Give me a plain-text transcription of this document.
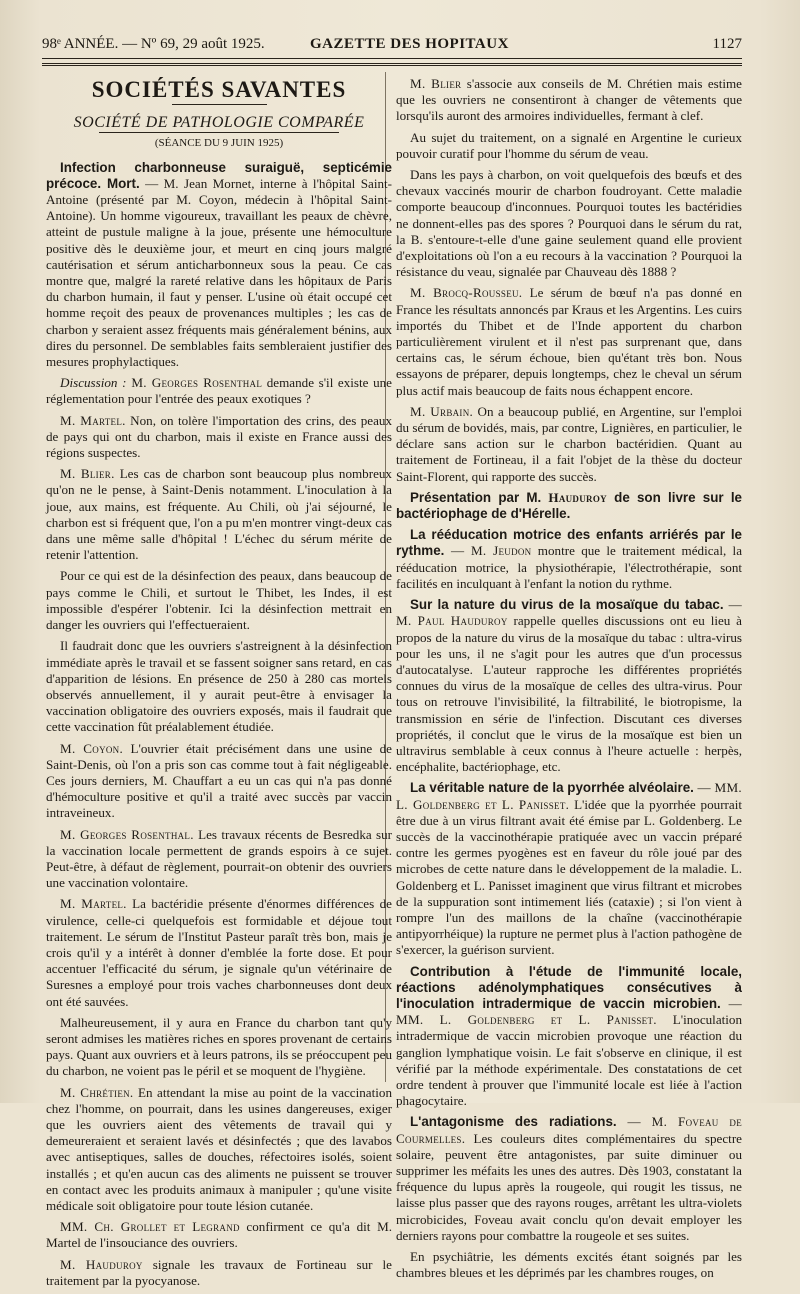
98ᵉ ANNÉE. — Nº 69, 29 août 1925.	GAZETTE DES HOPITAUX	1127
SOCIÉTÉS SAVANTES
SOCIÉTÉ DE PATHOLOGIE COMPARÉE
(SÉANCE DU 9 JUIN 1925)

Infection charbonneuse suraiguë, septicémie précoce. Mort. — M. Jean Mornet, interne à l'hôpital Saint-Antoine (présenté par M. Coyon, médecin à l'hôpital Saint-Antoine). Un homme vigoureux, travaillant les peaux de chèvre, atteint de pustule maligne à la joue, présente une hémoculture positive dès le deuxième jour, et meurt en cinq jours malgré cautérisation et sérum anticharbonneux sous la peau. Ce cas montre que, malgré la rareté relative dans les hôpitaux de Paris du charbon humain, il faut y penser. L'usine où était occupé cet homme reçoit des peaux de provenances multiples ; les cas de charbon y seraient assez fréquents mais généralement bénins, aux dires du personnel. De semblables faits sembleraient justifier des mesures prophylactiques.

Discussion : M. Georges Rosenthal demande s'il existe une réglementation pour l'entrée des peaux exotiques ?

M. Martel. Non, on tolère l'importation des crins, des peaux de pays qui ont du charbon, mais il existe en France aussi des régions suspectes.

M. Blier. Les cas de charbon sont beaucoup plus nombreux qu'on ne le pense, à Saint-Denis notamment. L'inoculation à la joue, aux mains, est fréquente. Au Chili, où j'ai séjourné, le charbon est si fréquent que, l'on a pu m'en montrer vingt-deux cas dans une même salle d'hôpital ! L'échec du sérum mérite de retenir l'attention.

Pour ce qui est de la désinfection des peaux, dans beaucoup de pays comme le Chili, et surtout le Thibet, les Indes, il est impossible d'espérer l'obtenir. Ici la désinfection mettrait en danger les ouvriers qui l'effectueraient.

Il faudrait donc que les ouvriers s'astreignent à la désinfection immédiate après le travail et se fassent soigner sans retard, en cas d'apparition de lésions. En présence de 250 à 280 cas mortels observés annuellement, il y aurait peut-être à envisager la vaccination obligatoire des ouvriers exposés, mais il faudrait que cette vaccination fût préalablement étudiée.

M. Coyon. L'ouvrier était précisément dans une usine de Saint-Denis, où l'on a pris son cas comme tout à fait négligeable. Ces jours derniers, M. Chauffart a eu un cas qui n'a pas donné d'hémoculture positive et qu'il a traité avec succès par vaccin intraveineux.

M. Georges Rosenthal. Les travaux récents de Besredka sur la vaccination locale permettent de grands espoirs à ce sujet. Peut-être, à défaut de règlement, pourrait-on obtenir des ouvriers une vaccination volontaire.

M. Martel. La bactéridie présente d'énormes différences de virulence, celle-ci quelquefois est formidable et déjoue tout traitement. Le sérum de l'Institut Pasteur paraît très bon, mais je crois qu'il y a intérêt à donner d'emblée la forte dose. Et pour accentuer l'efficacité du sérum, je signale qu'un vétérinaire de Suresnes a employé pour trois vaches charbonneuses dont deux ont été sauvées.

Malheureusement, il y aura en France du charbon tant qu'y seront admises les matières riches en spores provenant de certains pays. Quant aux ouvriers et à leurs patrons, ils se préoccupent peu du charbon, ne voient pas le péril et se moquent de l'hygiène.

M. Chrétien. En attendant la mise au point de la vaccination chez l'homme, on pourrait, dans les usines dangereuses, exiger que les ouvriers aient des vêtements de travail qui y demeureraient et seraient lavés et désinfectés ; que des lavabos avec antiseptiques, salles de douches, réfectoires isolés, soient installés ; et qu'en aucun cas des aliments ne puissent se trouver en contact avec les produits animaux à manipuler ; qu'une visite médicale soit obligatoire pour toute lésion cutanée.

MM. Ch. Grollet et Legrand confirment ce qu'a dit M. Martel de l'insouciance des ouvriers.

M. Hauduroy signale les travaux de Fortineau sur le traitement par la pyocyanose.

M. Blier s'associe aux conseils de M. Chrétien mais estime que les ouvriers ne consentiront à changer de vêtements que lorsqu'ils auront des armoires individuelles, fermant à clef.

Au sujet du traitement, on a signalé en Argentine le curieux pouvoir curatif pour l'homme du sérum de veau.

Dans les pays à charbon, on voit quelquefois des bœufs et des chevaux vaccinés mourir de charbon foudroyant. Cette maladie comporte beaucoup d'inconnues. Pourquoi toutes les bactéridies ne donnent-elles pas des spores ? Pourquoi dans le sérum du rat, la B. s'entoure-t-elle d'une gaine seulement quand elle provient d'exploitations où l'on a eu recours à la vaccination ? Pourquoi la résistance du veau, signalée par Chauveau dès 1888 ?

M. Brocq-Rousseu. Le sérum de bœuf n'a pas donné en France les résultats annoncés par Kraus et les Argentins. Les cuirs importés du Thibet et de l'Inde apportent du charbon particulièrement virulent et il n'est pas surprenant que, dans certains cas, le sérum échoue, bien qu'étant très bon. Nous essayons de préparer, depuis longtemps, chez le cheval un sérum plus actif mais beaucoup de faits nous échappent encore.

M. Urbain. On a beaucoup publié, en Argentine, sur l'emploi du sérum de bovidés, mais, par contre, Lignières, en particulier, le déclare sans action sur le charbon bactéridien. Quant au traitement de Fortineau, il a fait l'objet de la thèse du docteur Saint-Florent, qui rapporte des succès.

Présentation par M. Hauduroy de son livre sur le bactériophage de d'Hérelle.

La rééducation motrice des enfants arriérés par le rythme. — M. Jeudon montre que le traitement médical, la rééducation motrice, la physiothérapie, l'électrothérapie, sont facilités en inculquant à l'enfant la notion du rythme.

Sur la nature du virus de la mosaïque du tabac. — M. Paul Hauduroy rappelle quelles discussions ont eu lieu à propos de la nature du virus de la mosaïque du tabac : ultra-virus pour les uns, il ne s'agit pour les autres que d'un processus d'autocatalyse. L'auteur rapproche les différentes propriétés connues du virus de la mosaïque de celles des ultra-virus. Pour tous on retrouve l'invisibilité, la filtrabilité, le biotropisme, la transmission en série de l'infection. Discutant ces diverses propriétés, il conclut que le virus de la mosaïque est bien un ultravirus semblable à ceux connus à l'heure actuelle : herpès, encéphalite, bactériophage, etc.

La véritable nature de la pyorrhée alvéolaire. — MM. L. Goldenberg et L. Panisset. L'idée que la pyorrhée pourrait être due à un virus filtrant avait été émise par L. Goldenberg. Le succès de la vaccinothérapie pratiquée avec un vaccin préparé contre les germes pyogènes est en faveur du rôle joué par des microbes de cette nature dans le développement de la maladie. L. Goldenberg et L. Panisset imaginent que virus filtrant et microbes de la suppuration sont intimement liés (cataxie) ; si l'on vient à rompre l'un des maillons de la chaîne (vaccinothérapie antipyorrhéique) la rupture ne permet plus à l'action pathogène de s'exercer, la guérison survient.

Contribution à l'étude de l'immunité locale, réactions adénolymphatiques consécutives à l'inoculation intradermique de vaccin microbien. — MM. L. Goldenberg et L. Panisset. L'inoculation intradermique de vaccin microbien provoque une réaction du ganglion lymphatique voisin. Le fait s'observe en clinique, il est vérifié par la méthode expérimentale. Des constatations de cet ordre tendent à prouver que l'immunité locale est liée à l'action phagocytaire.

L'antagonisme des radiations. — M. Foveau de Courmelles. Les couleurs dites complémentaires du spectre solaire, peuvent être antagonistes, par suite diminuer ou supprimer les méfaits les unes des autres. Dès 1903, constatant la fréquence du lupus après la rougeole, qui rougit les tissus, ne laisse plus passer que des rayons rouges, arrêtant les ultra-violets microbicides, Foveau avait conclu qu'on devait employer les derniers rayons pour combattre la rougeole et ses suites.

En psychiâtrie, les déments excités étant soignés par les chambres bleues et les déprimés par les chambres rouges, on
